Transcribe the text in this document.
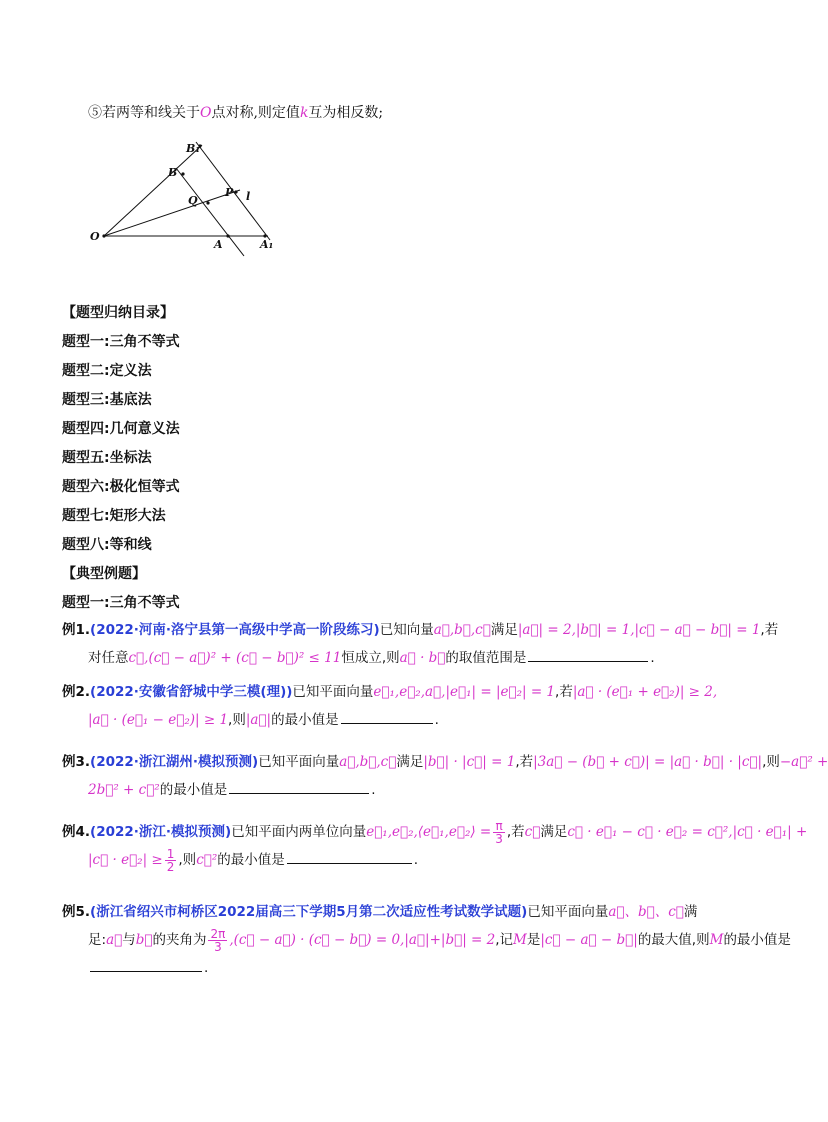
⑤若两等和线关于O点对称,则定值k互为相反数;
B₁
B
P l
Q
O
A	A₁
【题型归纳目录】
题型一:三角不等式
题型二:定义法
题型三:基底法
题型四:几何意义法
题型五:坐标法
题型六:极化恒等式
题型七:矩形大法
题型八:等和线
【典型例题】
题型一:三角不等式
例1.(2022·河南·洛宁县第一高级中学高一阶段练习)已知向量a⃗,b⃗,c⃗满足|a⃗| = 2,|b⃗| = 1,|c⃗ − a⃗ − b⃗| = 1,若
对任意c⃗,(c⃗ − a⃗)² + (c⃗ − b⃗)² ≤ 11恒成立,则a⃗ · b⃗的取值范围是	.
例2.(2022·安徽省舒城中学三模(理))已知平面向量e⃗₁,e⃗₂,a⃗,|e⃗₁| = |e⃗₂| = 1,若|a⃗ · (e⃗₁ + e⃗₂)| ≥ 2,
|a⃗ · (e⃗₁ − e⃗₂)| ≥ 1,则|a⃗|的最小值是	.
例3.(2022·浙江湖州·模拟预测)已知平面向量a⃗,b⃗,c⃗满足|b⃗| · |c⃗| = 1,若|3a⃗ − (b⃗ + c⃗)| = |a⃗ · b⃗| · |c⃗|,则−a⃗² +
2b⃗² + c⃗²的最小值是	.
例4.(2022·浙江·模拟预测)已知平面内两单位向量e⃗₁,e⃗₂,⟨e⃗₁,e⃗₂⟩ = $\frac{\pi}{3}$ ,若c⃗满足c⃗ · e⃗₁ − c⃗ · e⃗₂ = c⃗²,|c⃗ · e⃗₁| +
|c⃗ · e⃗₂| ≥ $\frac{1}{2}$ ,则c⃗²的最小值是	.
例5.(浙江省绍兴市柯桥区2022届高三下学期5月第二次适应性考试数学试题)已知平面向量a⃗、b⃗、c⃗满
足:a⃗与b⃗的夹角为 $\frac{2\pi}{3}$ ,(c⃗ − a⃗) · (c⃗ − b⃗) = 0,|a⃗|+|b⃗| = 2,记M是|c⃗ − a⃗ − b⃗|的最大值,则M的最小值是
.
